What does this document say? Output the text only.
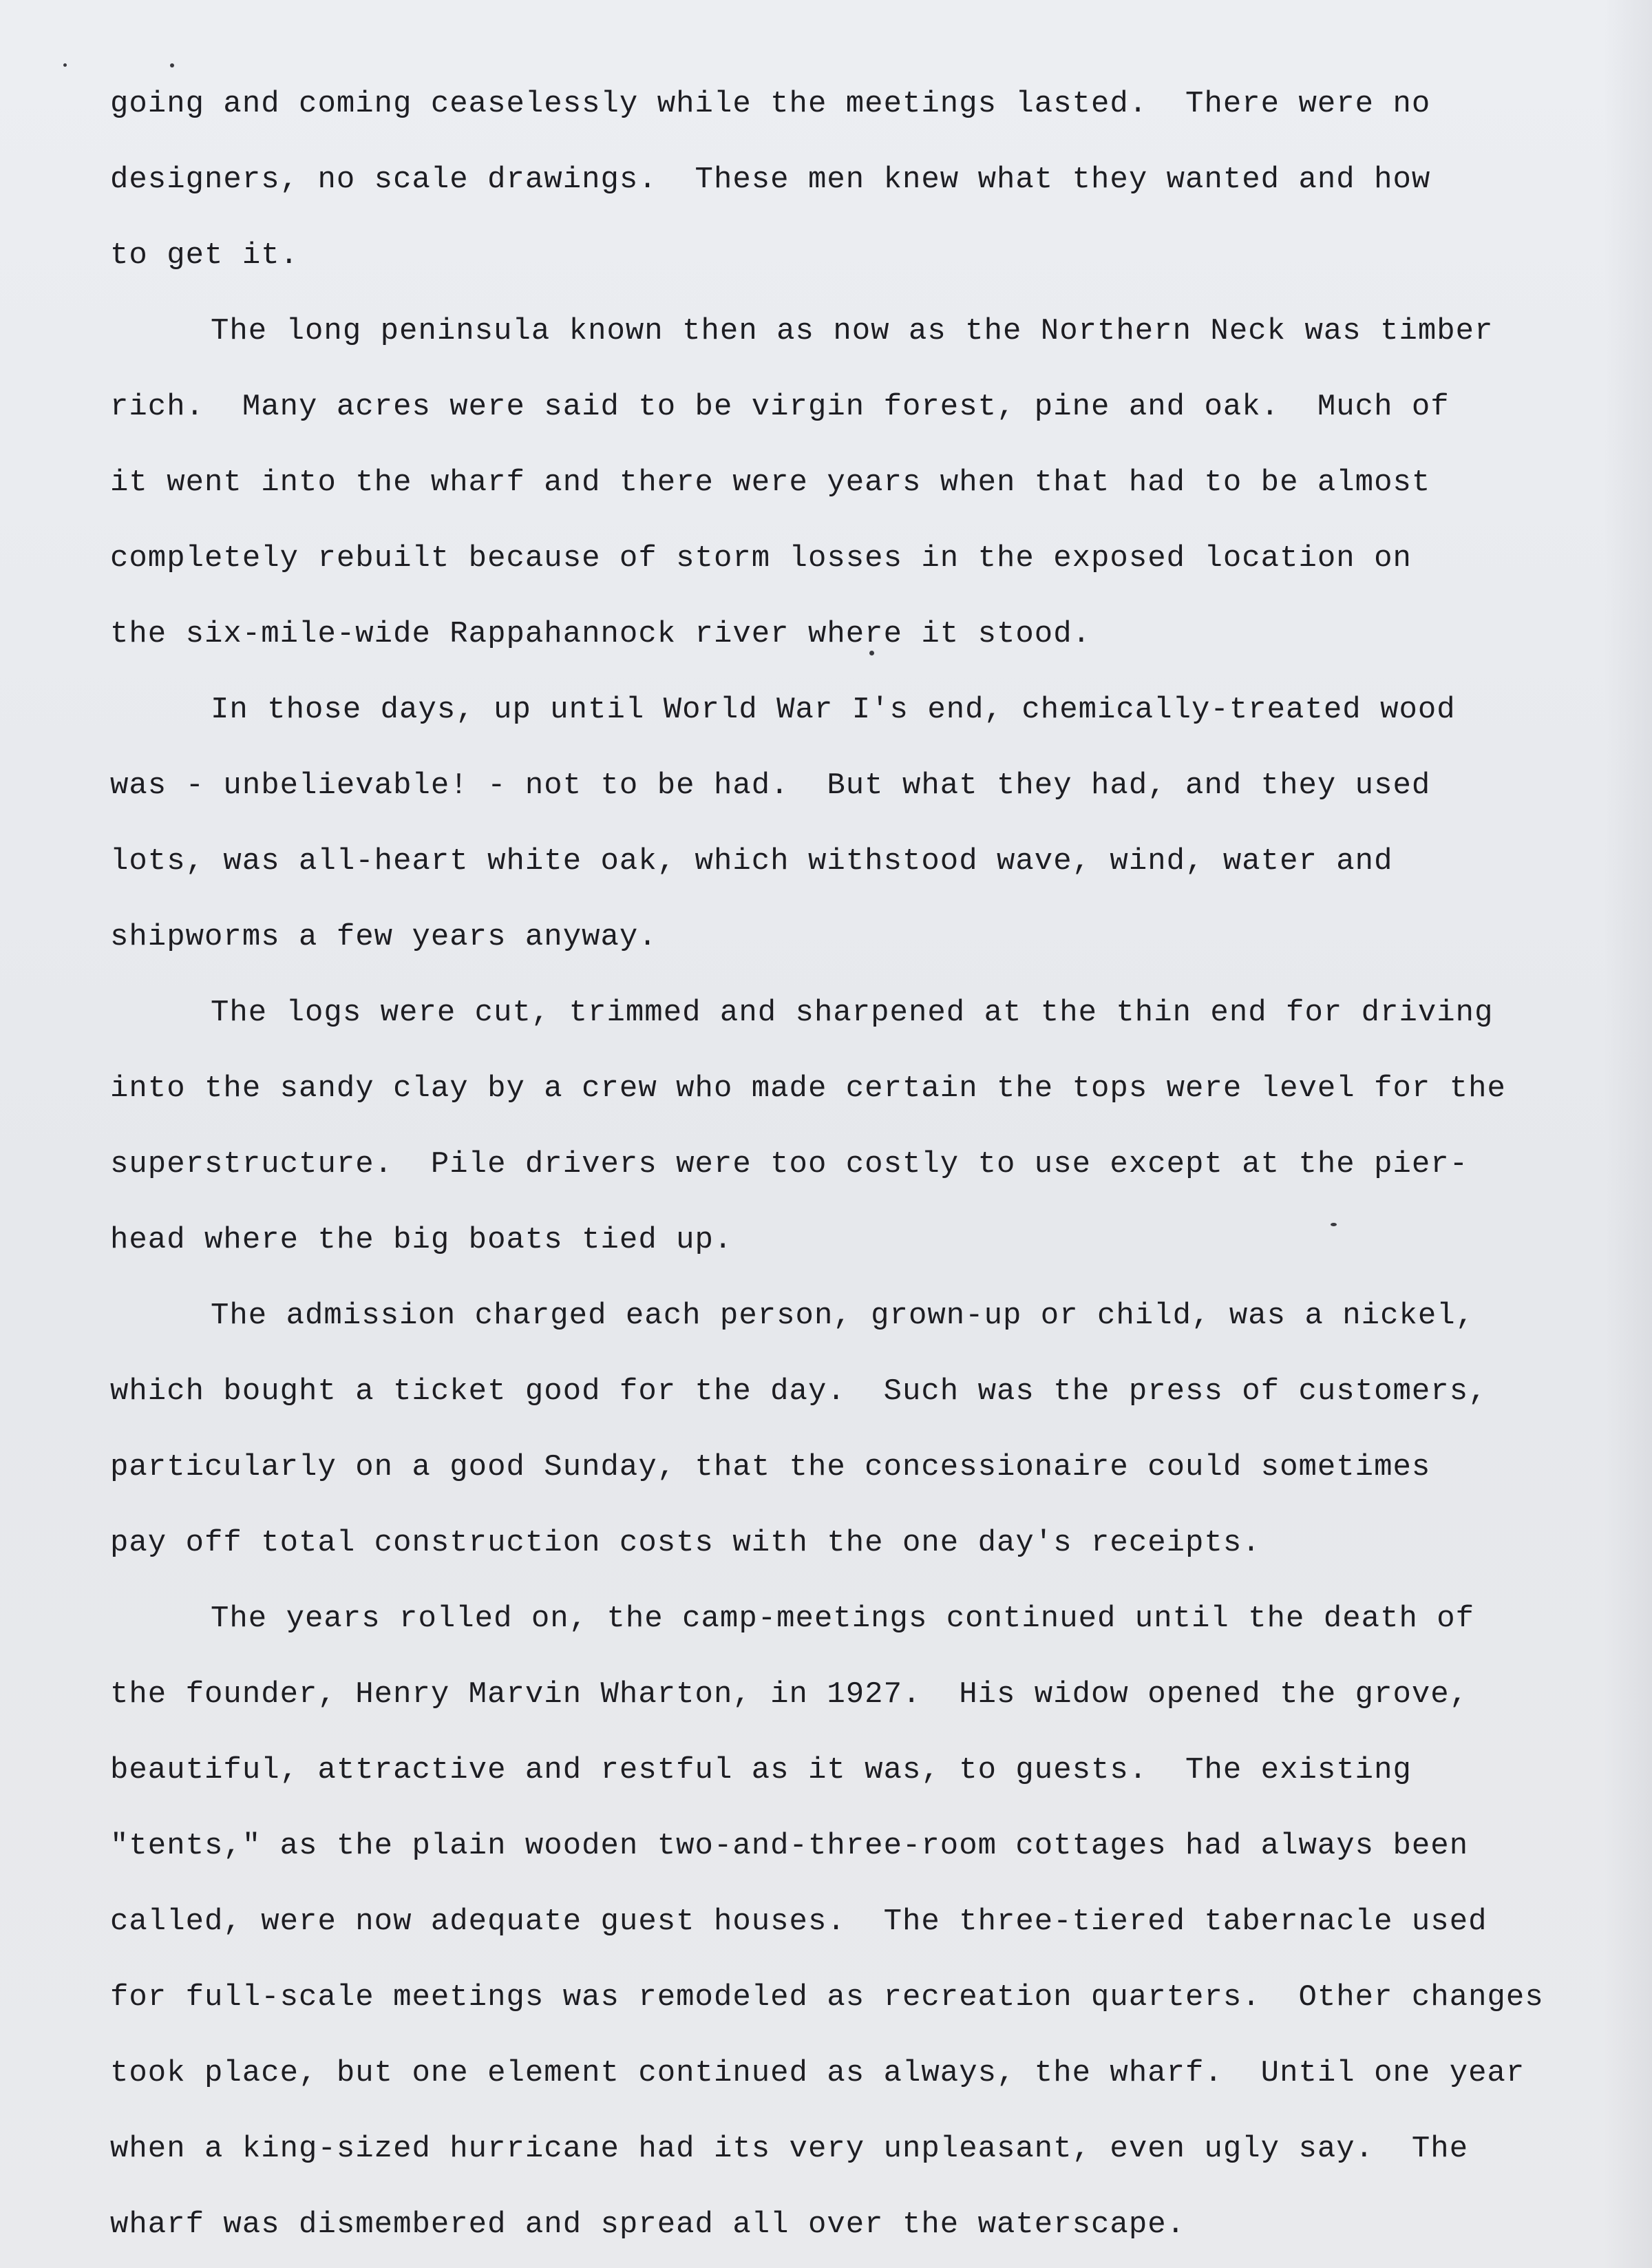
going and coming ceaselessly while the meetings lasted.  There were no
designers, no scale drawings.  These men knew what they wanted and how
to get it.
The long peninsula known then as now as the Northern Neck was timber
rich.  Many acres were said to be virgin forest, pine and oak.  Much of
it went into the wharf and there were years when that had to be almost
completely rebuilt because of storm losses in the exposed location on
the six-mile-wide Rappahannock river where it stood.
In those days, up until World War I's end, chemically-treated wood
was - unbelievable! - not to be had.  But what they had, and they used
lots, was all-heart white oak, which withstood wave, wind, water and
shipworms a few years anyway.
The logs were cut, trimmed and sharpened at the thin end for driving
into the sandy clay by a crew who made certain the tops were level for the
superstructure.  Pile drivers were too costly to use except at the pier-
head where the big boats tied up.
The admission charged each person, grown-up or child, was a nickel,
which bought a ticket good for the day.  Such was the press of customers,
particularly on a good Sunday, that the concessionaire could sometimes
pay off total construction costs with the one day's receipts.
The years rolled on, the camp-meetings continued until the death of
the founder, Henry Marvin Wharton, in 1927.  His widow opened the grove,
beautiful, attractive and restful as it was, to guests.  The existing
"tents," as the plain wooden two-and-three-room cottages had always been
called, were now adequate guest houses.  The three-tiered tabernacle used
for full-scale meetings was remodeled as recreation quarters.  Other changes
took place, but one element continued as always, the wharf.  Until one year
when a king-sized hurricane had its very unpleasant, even ugly say.  The
wharf was dismembered and spread all over the waterscape.
